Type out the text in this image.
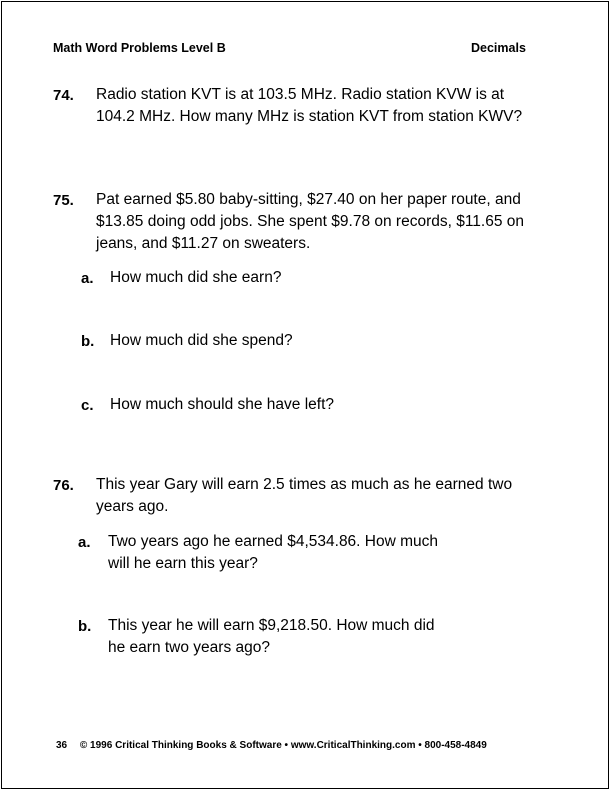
Math Word Problems Level B	Decimals
74. Radio station KVT is at 103.5 MHz. Radio station KVW is at
104.2 MHz. How many MHz is station KVT from station KWV?
75. Pat earned $5.80 baby-sitting, $27.40 on her paper route, and
$13.85 doing odd jobs. She spent $9.78 on records, $11.65 on
jeans, and $11.27 on sweaters.
a. How much did she earn?
b. How much did she spend?
c. How much should she have left?
76. This year Gary will earn 2.5 times as much as he earned two
years ago.
a. Two years ago he earned $4,534.86. How much
will he earn this year?
b. This year he will earn $9,218.50. How much did
he earn two years ago?
36 © 1996 Critical Thinking Books & Software • www.CriticalThinking.com • 800-458-4849
